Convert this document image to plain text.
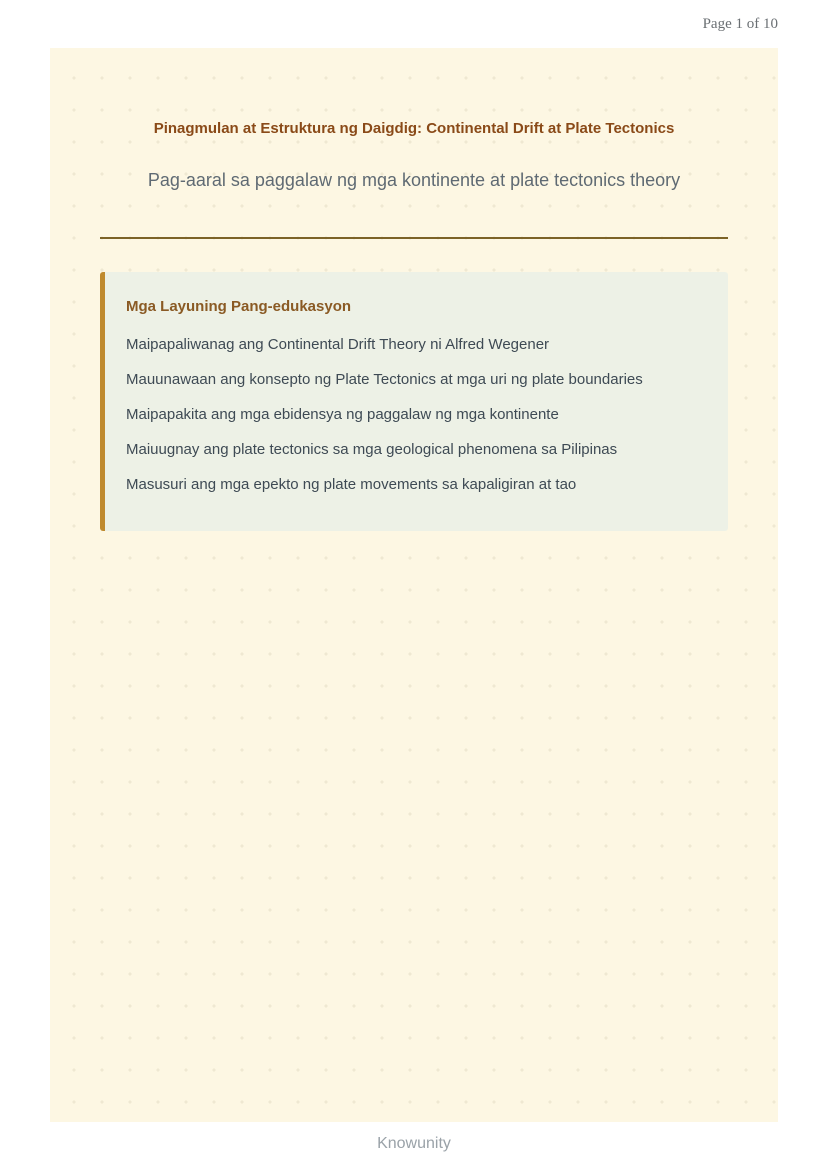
Page 1 of 10
Pinagmulan at Estruktura ng Daigdig: Continental Drift at Plate Tectonics
Pag-aaral sa paggalaw ng mga kontinente at plate tectonics theory
Mga Layuning Pang-edukasyon

Maipapaliwanag ang Continental Drift Theory ni Alfred Wegener

Mauunawaan ang konsepto ng Plate Tectonics at mga uri ng plate boundaries

Maipapakita ang mga ebidensya ng paggalaw ng mga kontinente

Maiuugnay ang plate tectonics sa mga geological phenomena sa Pilipinas

Masusuri ang mga epekto ng plate movements sa kapaligiran at tao

Knowunity
